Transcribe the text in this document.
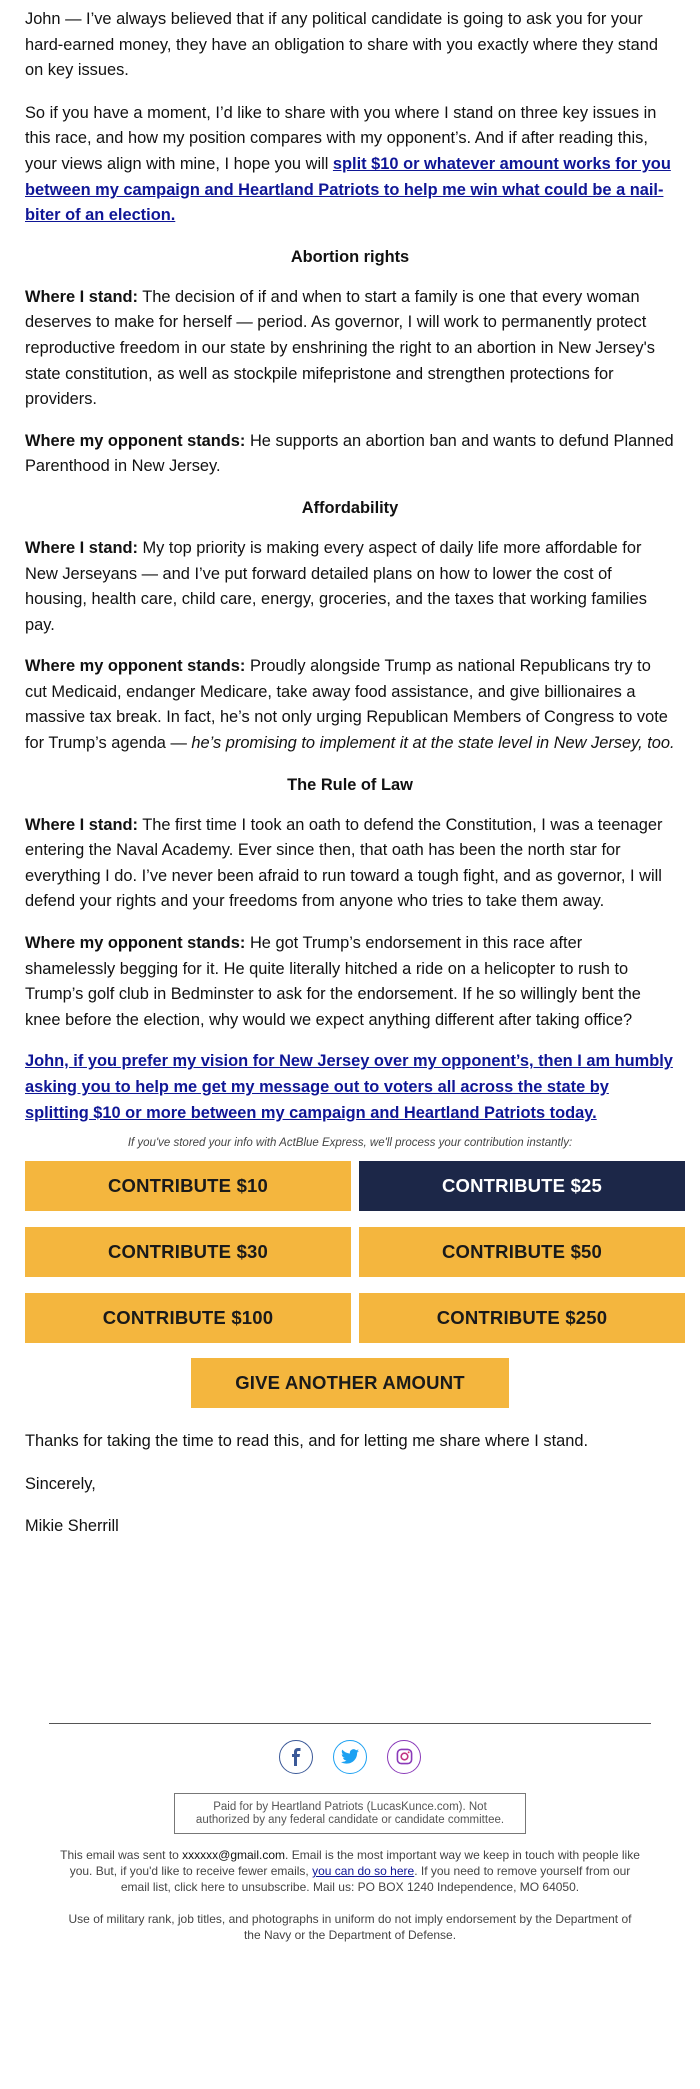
John — I’ve always believed that if any political candidate is going to ask you for your hard-earned money, they have an obligation to share with you exactly where they stand on key issues.

So if you have a moment, I’d like to share with you where I stand on three key issues in this race, and how my position compares with my opponent’s. And if after reading this, your views align with mine, I hope you will split $10 or whatever amount works for you between my campaign and Heartland Patriots to help me win what could be a nail-biter of an election.

Abortion rights

Where I stand: The decision of if and when to start a family is one that every woman deserves to make for herself — period. As governor, I will work to permanently protect reproductive freedom in our state by enshrining the right to an abortion in New Jersey's state constitution, as well as stockpile mifepristone and strengthen protections for providers.

Where my opponent stands: He supports an abortion ban and wants to defund Planned Parenthood in New Jersey.

Affordability

Where I stand: My top priority is making every aspect of daily life more affordable for New Jerseyans — and I’ve put forward detailed plans on how to lower the cost of housing, health care, child care, energy, groceries, and the taxes that working families pay.

Where my opponent stands: Proudly alongside Trump as national Republicans try to cut Medicaid, endanger Medicare, take away food assistance, and give billionaires a massive tax break. In fact, he’s not only urging Republican Members of Congress to vote for Trump’s agenda — he’s promising to implement it at the state level in New Jersey, too.

The Rule of Law

Where I stand: The first time I took an oath to defend the Constitution, I was a teenager entering the Naval Academy. Ever since then, that oath has been the north star for everything I do. I’ve never been afraid to run toward a tough fight, and as governor, I will defend your rights and your freedoms from anyone who tries to take them away.

Where my opponent stands: He got Trump’s endorsement in this race after shamelessly begging for it. He quite literally hitched a ride on a helicopter to rush to Trump’s golf club in Bedminster to ask for the endorsement. If he so willingly bent the knee before the election, why would we expect anything different after taking office?

John, if you prefer my vision for New Jersey over my opponent’s, then I am humbly asking you to help me get my message out to voters all across the state by splitting $10 or more between my campaign and Heartland Patriots today.
If you've stored your info with ActBlue Express, we'll process your contribution instantly:
CONTRIBUTE $10	CONTRIBUTE $25
CONTRIBUTE $30	CONTRIBUTE $50
CONTRIBUTE $100	CONTRIBUTE $250
GIVE ANOTHER AMOUNT

Thanks for taking the time to read this, and for letting me share where I stand.

Sincerely,

Mikie Sherrill

Paid for by Heartland Patriots (LucasKunce.com). Not authorized by any federal candidate or candidate committee.
This email was sent to xxxxxx@gmail.com. Email is the most important way we keep in touch with people like you. But, if you'd like to receive fewer emails, you can do so here. If you need to remove yourself from our email list, click here to unsubscribe. Mail us: PO BOX 1240 Independence, MO 64050.
Use of military rank, job titles, and photographs in uniform do not imply endorsement by the Department of the Navy or the Department of Defense.
